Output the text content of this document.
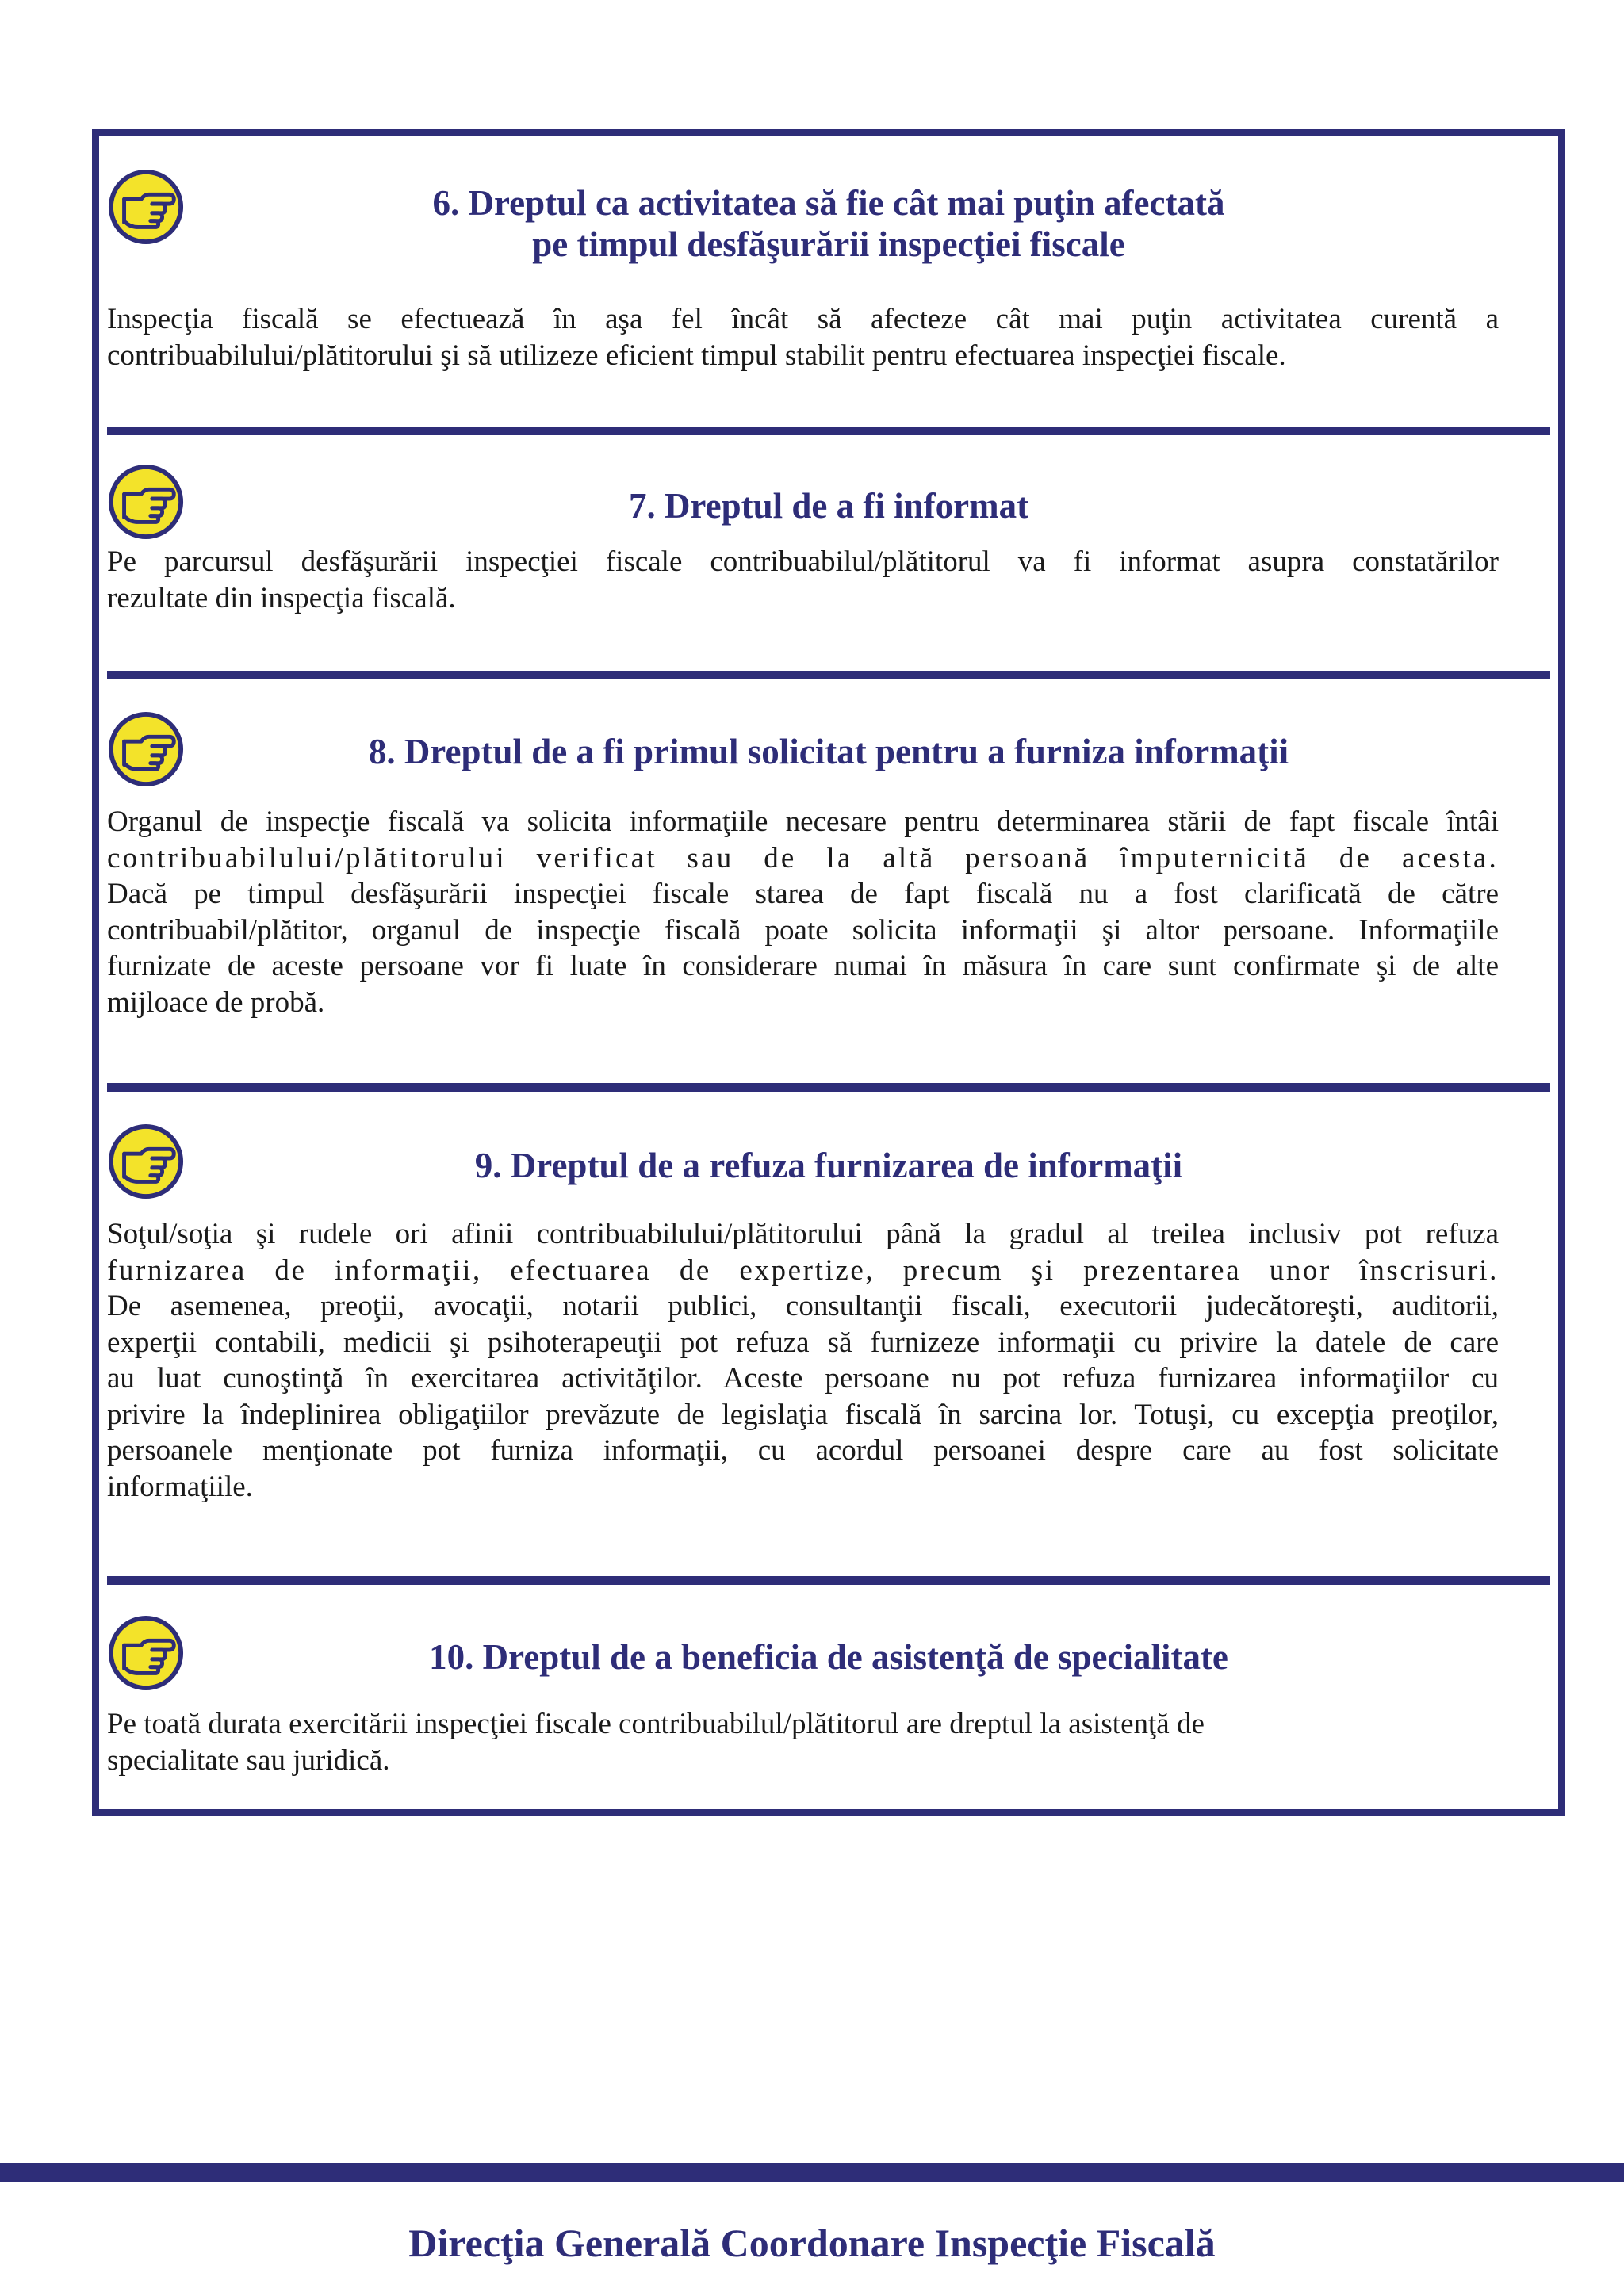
6. Dreptul ca activitatea să fie cât mai puţin afectată
pe timpul desfăşurării inspecţiei fiscale
Inspecţia fiscală se efectuează în aşa fel încât să afecteze cât mai puţin activitatea curentă a
contribuabilului/plătitorului şi să utilizeze eficient timpul stabilit pentru efectuarea inspecţiei fiscale.
7. Dreptul de a fi informat
Pe parcursul desfăşurării inspecţiei fiscale contribuabilul/plătitorul va fi informat asupra constatărilor
rezultate din inspecţia fiscală.
8. Dreptul de a fi primul solicitat pentru a furniza informaţii
Organul de inspecţie fiscală va solicita informaţiile necesare pentru determinarea stării de fapt fiscale întâi
contribuabilului/plătitorului verificat sau de la altă persoană împuternicită de acesta.
Dacă pe timpul desfăşurării inspecţiei fiscale starea de fapt fiscală nu a fost clarificată de către
contribuabil/plătitor, organul de inspecţie fiscală poate solicita informaţii şi altor persoane. Informaţiile
furnizate de aceste persoane vor fi luate în considerare numai în măsura în care sunt confirmate şi de alte
mijloace de probă.
9. Dreptul de a refuza furnizarea de informaţii
Soţul/soţia şi rudele ori afinii contribuabilului/plătitorului până la gradul al treilea inclusiv pot refuza
furnizarea de informaţii, efectuarea de expertize, precum şi prezentarea unor înscrisuri.
De asemenea, preoţii, avocaţii, notarii publici, consultanţii fiscali, executorii judecătoreşti, auditorii,
experţii contabili, medicii şi psihoterapeuţii pot refuza să furnizeze informaţii cu privire la datele de care
au luat cunoştinţă în exercitarea activităţilor. Aceste persoane nu pot refuza furnizarea informaţiilor cu
privire la îndeplinirea obligaţiilor prevăzute de legislaţia fiscală în sarcina lor. Totuşi, cu excepţia preoţilor,
persoanele menţionate pot furniza informaţii, cu acordul persoanei despre care au fost solicitate
informaţiile.
10. Dreptul de a beneficia de asistenţă de specialitate
Pe toată durata exercitării inspecţiei fiscale contribuabilul/plătitorul are dreptul la asistenţă de
specialitate sau juridică.
Direcţia Generală Coordonare Inspecţie Fiscală
